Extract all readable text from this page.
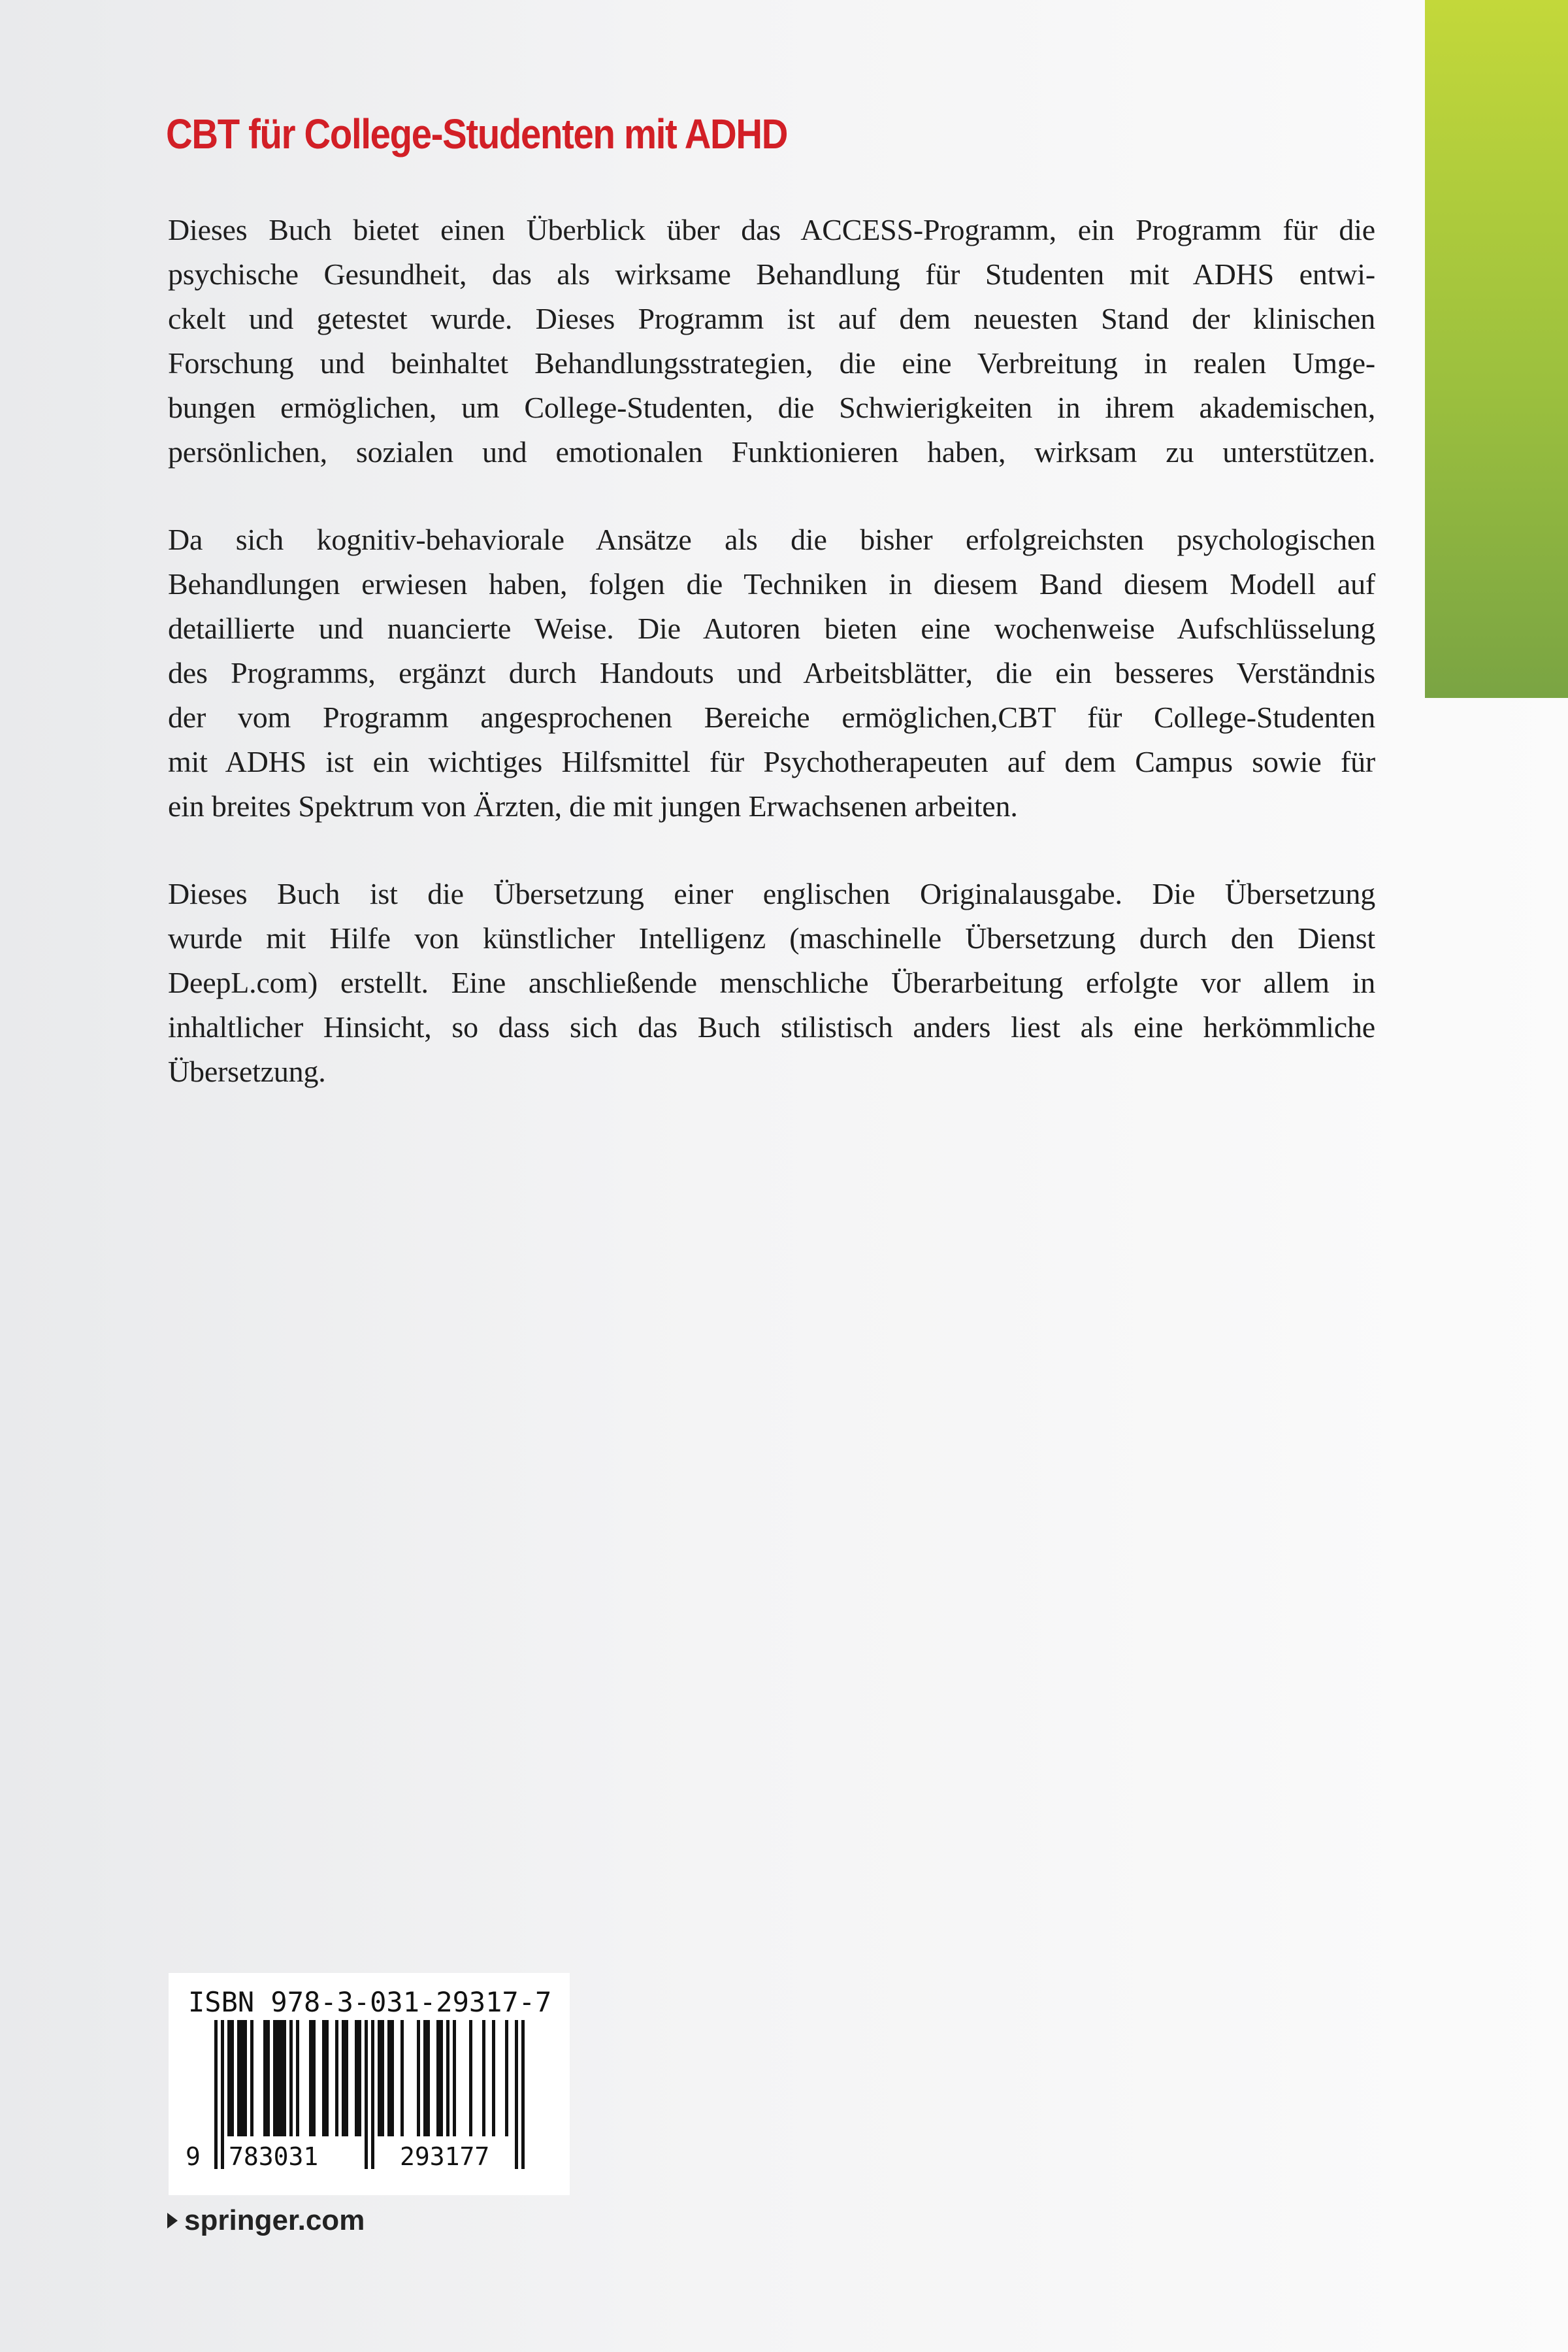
CBT für College-Studenten mit ADHD
Dieses Buch bietet einen Überblick über das ACCESS-Programm, ein Programm für die
psychische Gesundheit, das als wirksame Behandlung für Studenten mit ADHS entwi-
ckelt und getestet wurde. Dieses Programm ist auf dem neuesten Stand der klinischen
Forschung und beinhaltet Behandlungsstrategien, die eine Verbreitung in realen Umge-
bungen ermöglichen, um College-Studenten, die Schwierigkeiten in ihrem akademischen,
persönlichen, sozialen und emotionalen Funktionieren haben, wirksam zu unterstützen.
Da sich kognitiv-behaviorale Ansätze als die bisher erfolgreichsten psychologischen
Behandlungen erwiesen haben, folgen die Techniken in diesem Band diesem Modell auf
detaillierte und nuancierte Weise. Die Autoren bieten eine wochenweise Aufschlüsselung
des Programms, ergänzt durch Handouts und Arbeitsblätter, die ein besseres Verständnis
der vom Programm angesprochenen Bereiche ermöglichen,CBT für College-Studenten
mit ADHS ist ein wichtiges Hilfsmittel für Psychotherapeuten auf dem Campus sowie für
ein breites Spektrum von Ärzten, die mit jungen Erwachsenen arbeiten.
Dieses Buch ist die Übersetzung einer englischen Originalausgabe. Die Übersetzung
wurde mit Hilfe von künstlicher Intelligenz (maschinelle Übersetzung durch den Dienst
DeepL.com) erstellt. Eine anschließende menschliche Überarbeitung erfolgte vor allem in
inhaltlicher Hinsicht, so dass sich das Buch stilistisch anders liest als eine herkömmliche
Übersetzung.
ISBN 978-3-031-29317-7
9 783031	293177
springer.com
